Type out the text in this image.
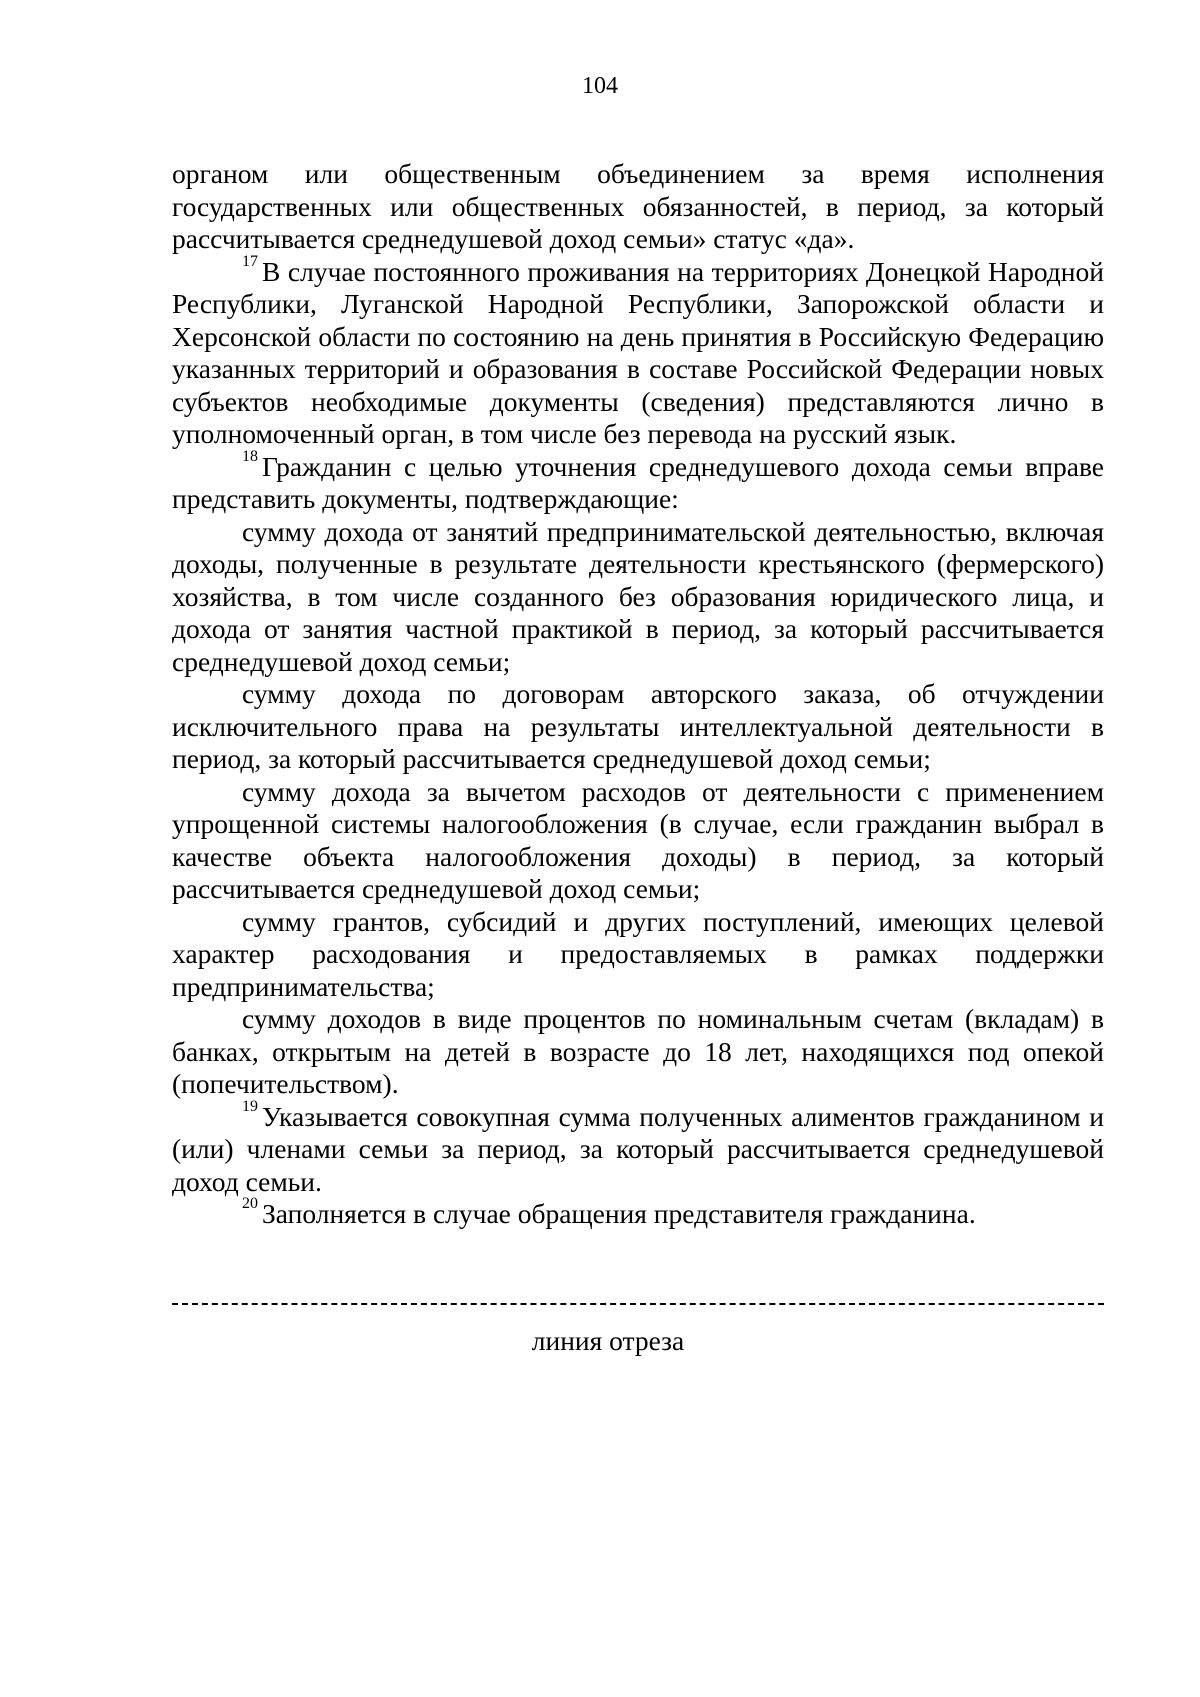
104

органом или общественным объединением за время исполнения государственных или общественных обязанностей, в период, за который рассчитывается среднедушевой доход семьи» статус «да».

$^{17}$ В случае постоянного проживания на территориях Донецкой Народной Республики, Луганской Народной Республики, Запорожской области и Херсонской области по состоянию на день принятия в Российскую Федерацию указанных территорий и образования в составе Российской Федерации новых субъектов необходимые документы (сведения) представляются лично в уполномоченный орган, в том числе без перевода на русский язык.

$^{18}$ Гражданин с целью уточнения среднедушевого дохода семьи вправе представить документы, подтверждающие:

сумму дохода от занятий предпринимательской деятельностью, включая доходы, полученные в результате деятельности крестьянского (фермерского) хозяйства, в том числе созданного без образования юридического лица, и дохода от занятия частной практикой в период, за который рассчитывается среднедушевой доход семьи;

сумму дохода по договорам авторского заказа, об отчуждении исключительного права на результаты интеллектуальной деятельности в период, за который рассчитывается среднедушевой доход семьи;

сумму дохода за вычетом расходов от деятельности с применением упрощенной системы налогообложения (в случае, если гражданин выбрал в качестве объекта налогообложения доходы) в период, за который рассчитывается среднедушевой доход семьи;

сумму грантов, субсидий и других поступлений, имеющих целевой характер расходования и предоставляемых в рамках поддержки предпринимательства;

сумму доходов в виде процентов по номинальным счетам (вкладам) в банках, открытым на детей в возрасте до 18 лет, находящихся под опекой (попечительством).

$^{19}$ Указывается совокупная сумма полученных алиментов гражданином и (или) членами семьи за период, за который рассчитывается среднедушевой доход семьи.

$^{20}$ Заполняется в случае обращения представителя гражданина.

линия отреза
